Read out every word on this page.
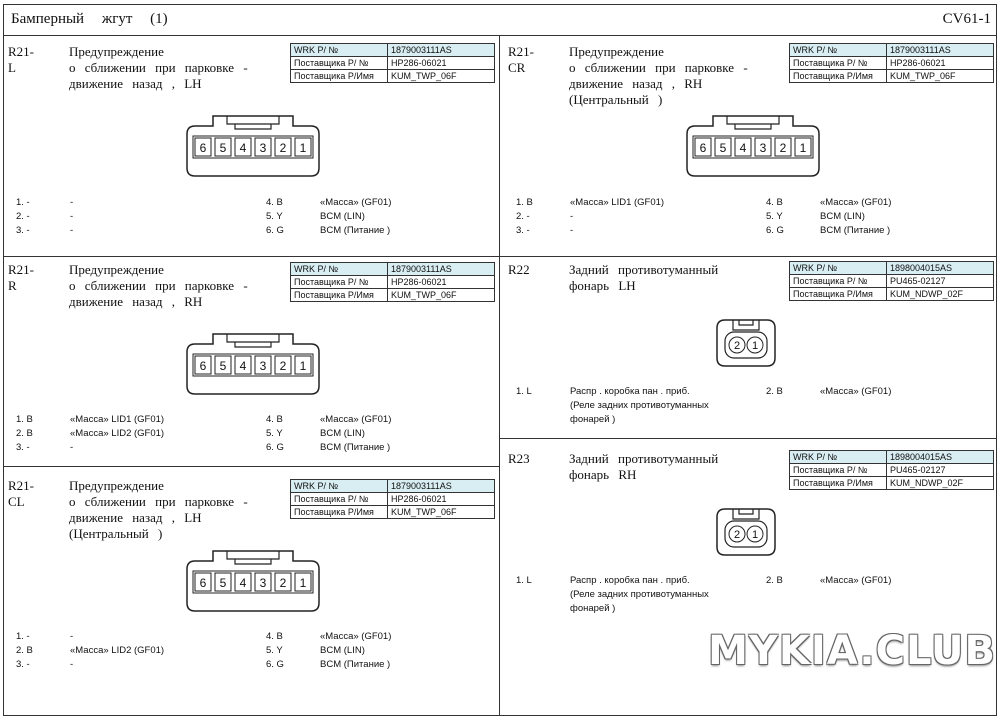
Бамперный жгут (1)	CV61-1
R21-L
Предупреждение
о сближении при парковке -
движение назад , LH
WRK P/ №	1879003111AS
Поставщика P/ №	HP286-06021
Поставщика P/Имя	KUM_TWP_06F
6 5 4 3 2 1
1. -	-
2. -	-
3. -	-
4. B	«Масса» (GF01)
5. Y	BCM (LIN)
6. G	BCM (Питание )
R21-R
Предупреждение
о сближении при парковке -
движение назад , RH
WRK P/ №	1879003111AS
Поставщика P/ №	HP286-06021
Поставщика P/Имя	KUM_TWP_06F
6 5 4 3 2 1
1. B	«Масса» LID1 (GF01)
2. B	«Масса» LID2 (GF01)
3. -	-
4. B	«Масса» (GF01)
5. Y	BCM (LIN)
6. G	BCM (Питание )
R21-CL
Предупреждение
о сближении при парковке -
движение назад , LH
(Центральный )
WRK P/ №	1879003111AS
Поставщика P/ №	HP286-06021
Поставщика P/Имя	KUM_TWP_06F
6 5 4 3 2 1
1. -	-
2. B	«Масса» LID2 (GF01)
3. -	-
4. B	«Масса» (GF01)
5. Y	BCM (LIN)
6. G	BCM (Питание )
R21-CR
Предупреждение
о сближении при парковке -
движение назад , RH
(Центральный )
WRK P/ №	1879003111AS
Поставщика P/ №	HP286-06021
Поставщика P/Имя	KUM_TWP_06F
6 5 4 3 2 1
1. B	«Масса» LID1 (GF01)
2. -	-
3. -	-
4. B	«Масса» (GF01)
5. Y	BCM (LIN)
6. G	BCM (Питание )
R22	Задний противотуманный
фонарь LH
WRK P/ №	1898004015AS
Поставщика P/ №	PU465-02127
Поставщика P/Имя	KUM_NDWP_02F
2 1
1. L	Распр . коробка пан . приб.
(Реле задних противотуманных
фонарей )
2. B	«Масса» (GF01)
R23	Задний противотуманный
фонарь RH
WRK P/ №	1898004015AS
Поставщика P/ №	PU465-02127
Поставщика P/Имя	KUM_NDWP_02F
2 1
1. L	Распр . коробка пан . приб.
(Реле задних противотуманных
фонарей )
2. B	«Масса» (GF01)
MYKIA.CLUB
